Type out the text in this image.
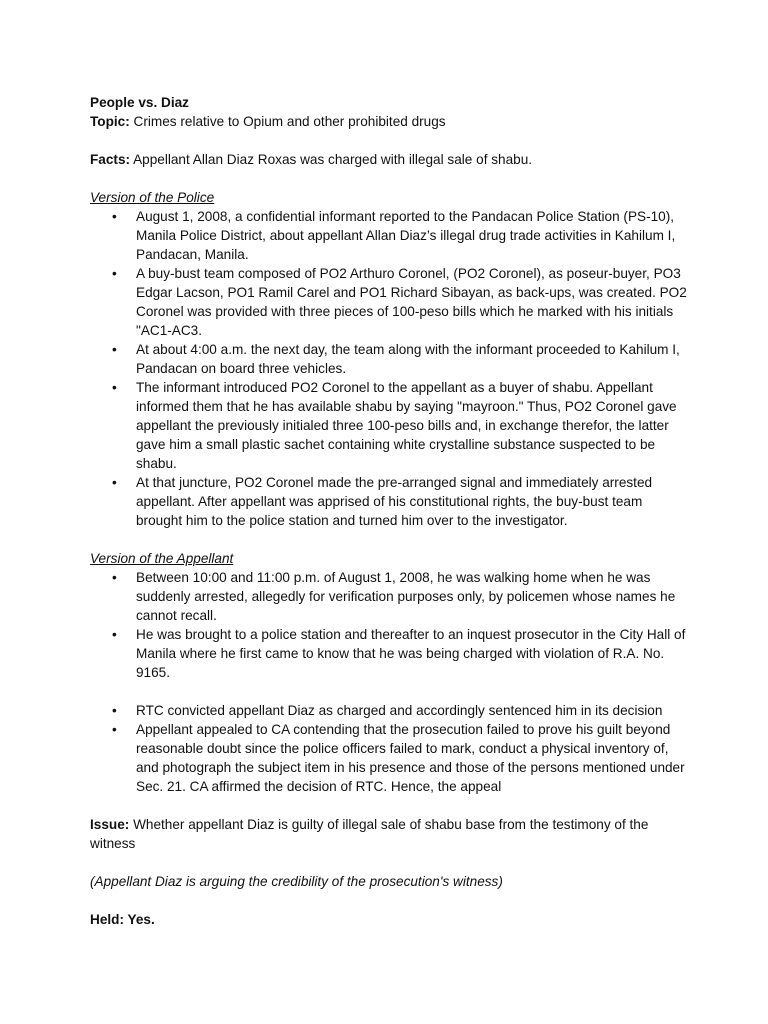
People vs. Diaz

Topic: Crimes relative to Opium and other prohibited drugs

Facts: Appellant Allan Diaz Roxas was charged with illegal sale of shabu.

Version of the Police

• August 1, 2008, a confidential informant reported to the Pandacan Police Station (PS-10), Manila Police District, about appellant Allan Diaz’s illegal drug trade activities in Kahilum I, Pandacan, Manila.
• A buy-bust team composed of PO2 Arthuro Coronel, (PO2 Coronel), as poseur-buyer, PO3 Edgar Lacson, PO1 Ramil Carel and PO1 Richard Sibayan, as back-ups, was created. PO2 Coronel was provided with three pieces of 100-peso bills which he marked with his initials "AC1-AC3.
• At about 4:00 a.m. the next day, the team along with the informant proceeded to Kahilum I, Pandacan on board three vehicles.
• The informant introduced PO2 Coronel to the appellant as a buyer of shabu. Appellant informed them that he has available shabu by saying "mayroon." Thus, PO2 Coronel gave appellant the previously initialed three 100-peso bills and, in exchange therefor, the latter gave him a small plastic sachet containing white crystalline substance suspected to be shabu.
• At that juncture, PO2 Coronel made the pre-arranged signal and immediately arrested appellant. After appellant was apprised of his constitutional rights, the buy-bust team brought him to the police station and turned him over to the investigator.

Version of the Appellant

• Between 10:00 and 11:00 p.m. of August 1, 2008, he was walking home when he was suddenly arrested, allegedly for verification purposes only, by policemen whose names he cannot recall.
• He was brought to a police station and thereafter to an inquest prosecutor in the City Hall of Manila where he first came to know that he was being charged with violation of R.A. No. 9165.
• RTC convicted appellant Diaz as charged and accordingly sentenced him in its decision
• Appellant appealed to CA contending that the prosecution failed to prove his guilt beyond reasonable doubt since the police officers failed to mark, conduct a physical inventory of, and photograph the subject item in his presence and those of the persons mentioned under Sec. 21. CA affirmed the decision of RTC. Hence, the appeal

Issue: Whether appellant Diaz is guilty of illegal sale of shabu base from the testimony of the witness

(Appellant Diaz is arguing the credibility of the prosecution's witness)

Held: Yes.
